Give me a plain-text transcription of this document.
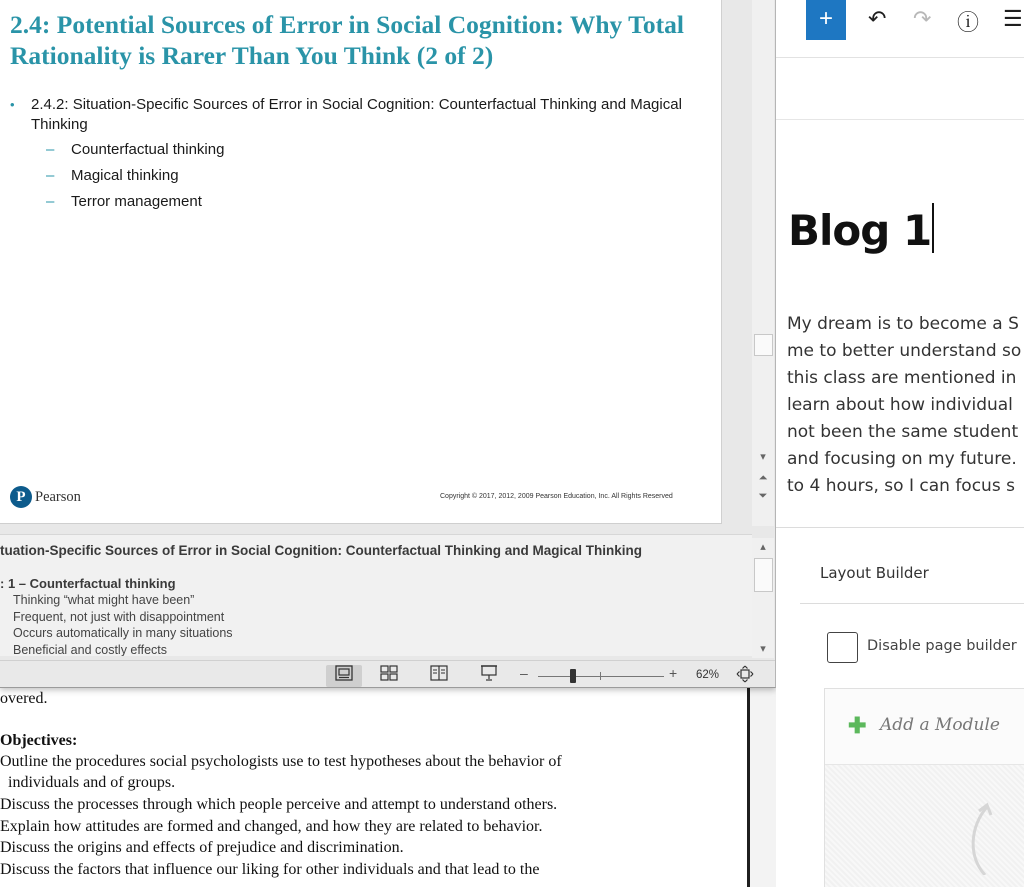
overed.
Objectives:
Outline the procedures social psychologists use to test hypotheses about the behavior of
individuals and of groups.
Discuss the processes through which people perceive and attempt to understand others.
Explain how attitudes are formed and changed, and how they are related to behavior.
Discuss the origins and effects of prejudice and discrimination.
Discuss the factors that influence our liking for other individuals and that lead to the
2.4: Potential Sources of Error in Social Cognition: Why Total Rationality is Rarer Than You Think (2 of 2)
•	2.4.2: Situation-Specific Sources of Error in Social Cognition: Counterfactual Thinking and Magical Thinking
– Counterfactual thinking
– Magical thinking
– Terror management
P Pearson	Copyright © 2017, 2012, 2009 Pearson Education, Inc. All Rights Reserved
▾
⏶
⏷
tuation-Specific Sources of Error in Social Cognition: Counterfactual Thinking and Magical Thinking
: 1 – Counterfactual thinking
Thinking “what might have been”
Frequent, not just with disappointment
Occurs automatically in many situations
Beneficial and costly effects
▴
▾
–	+ 62%
+	↶ ↷ ⓘ ☰
Blog 1
My dream is to become a S
me to better understand so
this class are mentioned in
learn about how individual
not been the same student
and focusing on my future.
to 4 hours, so I can focus s
Layout Builder
Disable page builder
✚ Add a Module
